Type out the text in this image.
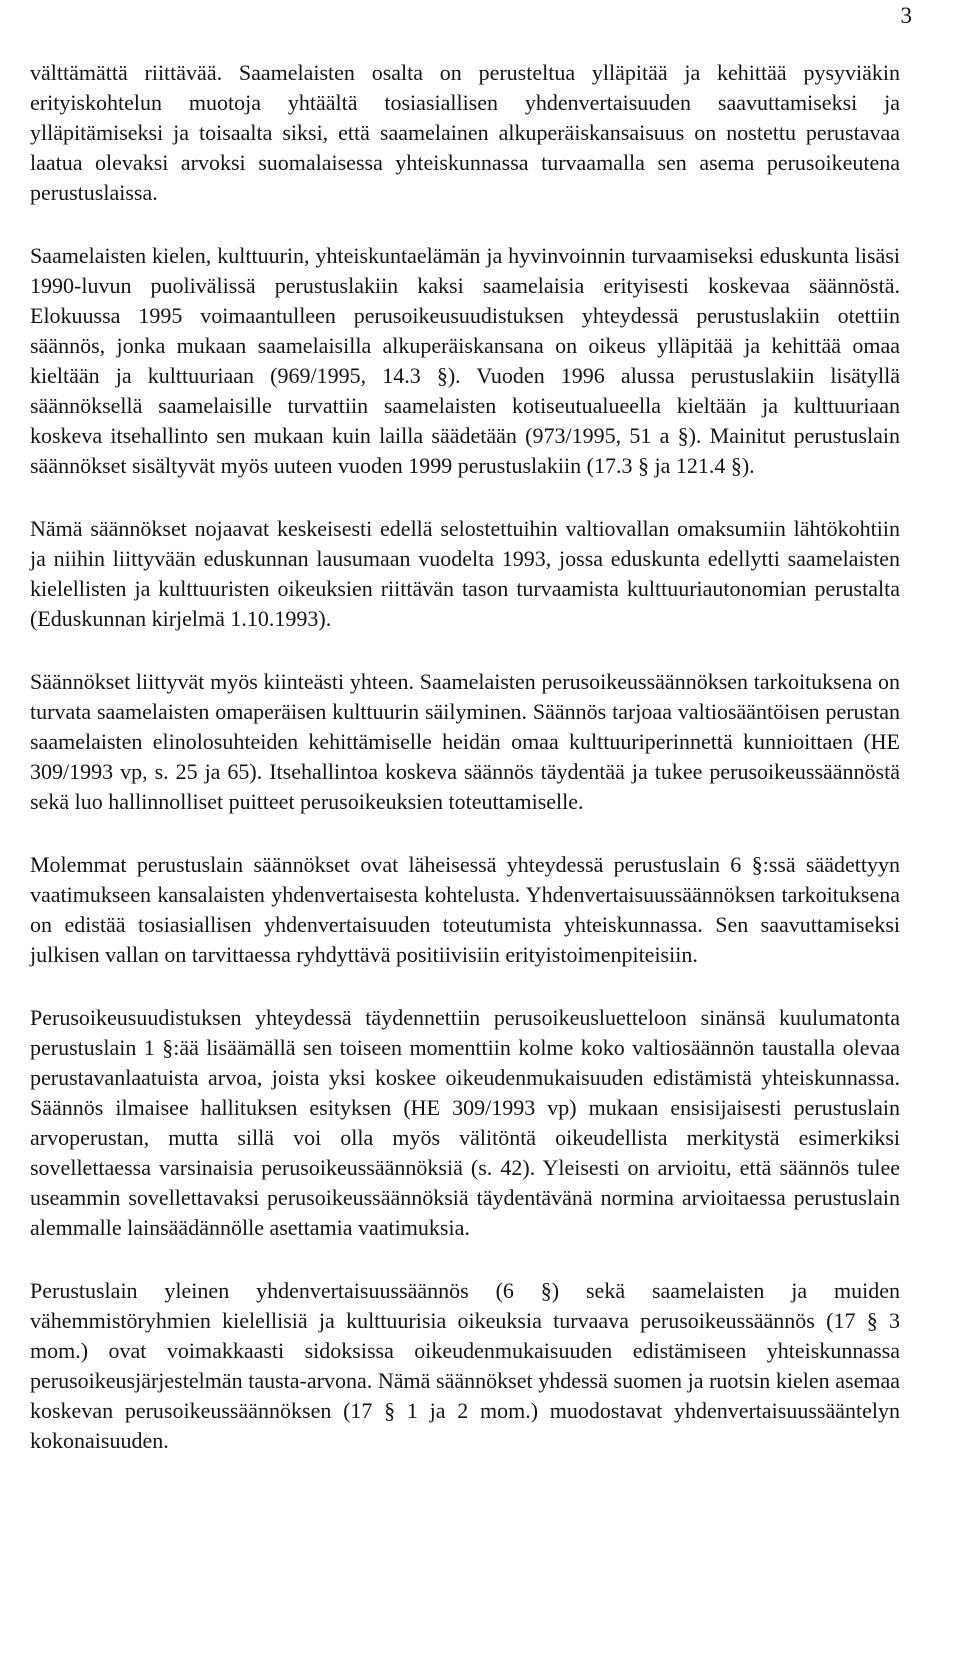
3

välttämättä riittävää. Saamelaisten osalta on perusteltua ylläpitää ja kehittää pysyviäkin erityiskohtelun muotoja yhtäältä tosiasiallisen yhdenvertaisuuden saavuttamiseksi ja ylläpitämiseksi ja toisaalta siksi, että saamelainen alkuperäiskansaisuus on nostettu perustavaa laatua olevaksi arvoksi suomalaisessa yhteiskunnassa turvaamalla sen asema perusoikeutena perustuslaissa.

Saamelaisten kielen, kulttuurin, yhteiskuntaelämän ja hyvinvoinnin turvaamiseksi eduskunta lisäsi 1990-luvun puolivälissä perustuslakiin kaksi saamelaisia erityisesti koskevaa säännöstä. Elokuussa 1995 voimaantulleen perusoikeusuudistuksen yhteydessä perustuslakiin otettiin säännös, jonka mukaan saamelaisilla alkuperäiskansana on oikeus ylläpitää ja kehittää omaa kieltään ja kulttuuriaan (969/1995, 14.3 §). Vuoden 1996 alussa perustuslakiin lisätyllä säännöksellä saamelaisille turvattiin saamelaisten kotiseutualueella kieltään ja kulttuuriaan koskeva itsehallinto sen mukaan kuin lailla säädetään (973/1995, 51 a §). Mainitut perustuslain säännökset sisältyvät myös uuteen vuoden 1999 perustuslakiin (17.3 § ja 121.4 §).

Nämä säännökset nojaavat keskeisesti edellä selostettuihin valtiovallan omaksumiin lähtökohtiin ja niihin liittyvään eduskunnan lausumaan vuodelta 1993, jossa eduskunta edellytti saamelaisten kielellisten ja kulttuuristen oikeuksien riittävän tason turvaamista kulttuuriautonomian perustalta (Eduskunnan kirjelmä 1.10.1993).

Säännökset liittyvät myös kiinteästi yhteen. Saamelaisten perusoikeussäännöksen tarkoituksena on turvata saamelaisten omaperäisen kulttuurin säilyminen. Säännös tarjoaa valtiosääntöisen perustan saamelaisten elinolosuhteiden kehittämiselle heidän omaa kulttuuriperinnettä kunnioittaen (HE 309/1993 vp, s. 25 ja 65). Itsehallintoa koskeva säännös täydentää ja tukee perusoikeussäännöstä sekä luo hallinnolliset puitteet perusoikeuksien toteuttamiselle.

Molemmat perustuslain säännökset ovat läheisessä yhteydessä perustuslain 6 §:ssä säädettyyn vaatimukseen kansalaisten yhdenvertaisesta kohtelusta. Yhdenvertaisuussäännöksen tarkoituksena on edistää tosiasiallisen yhdenvertaisuuden toteutumista yhteiskunnassa. Sen saavuttamiseksi julkisen vallan on tarvittaessa ryhdyttävä positiivisiin erityistoimenpiteisiin.

Perusoikeusuudistuksen yhteydessä täydennettiin perusoikeusluetteloon sinänsä kuulumatonta perustuslain 1 §:ää lisäämällä sen toiseen momenttiin kolme koko valtiosäännön taustalla olevaa perustavanlaatuista arvoa, joista yksi koskee oikeudenmukaisuuden edistämistä yhteiskunnassa. Säännös ilmaisee hallituksen esityksen (HE 309/1993 vp) mukaan ensisijaisesti perustuslain arvoperustan, mutta sillä voi olla myös välitöntä oikeudellista merkitystä esimerkiksi sovellettaessa varsinaisia perusoikeussäännöksiä (s. 42). Yleisesti on arvioitu, että säännös tulee useammin sovellettavaksi perusoikeussäännöksiä täydentävänä normina arvioitaessa perustuslain alemmalle lainsäädännölle asettamia vaatimuksia.

Perustuslain yleinen yhdenvertaisuussäännös (6 §) sekä saamelaisten ja muiden vähemmistöryhmien kielellisiä ja kulttuurisia oikeuksia turvaava perusoikeussäännös (17 § 3 mom.) ovat voimakkaasti sidoksissa oikeudenmukaisuuden edistämiseen yhteiskunnassa perusoikeusjärjestelmän tausta-arvona. Nämä säännökset yhdessä suomen ja ruotsin kielen asemaa koskevan perusoikeussäännöksen (17 § 1 ja 2 mom.) muodostavat yhdenvertaisuussääntelyn kokonaisuuden.
